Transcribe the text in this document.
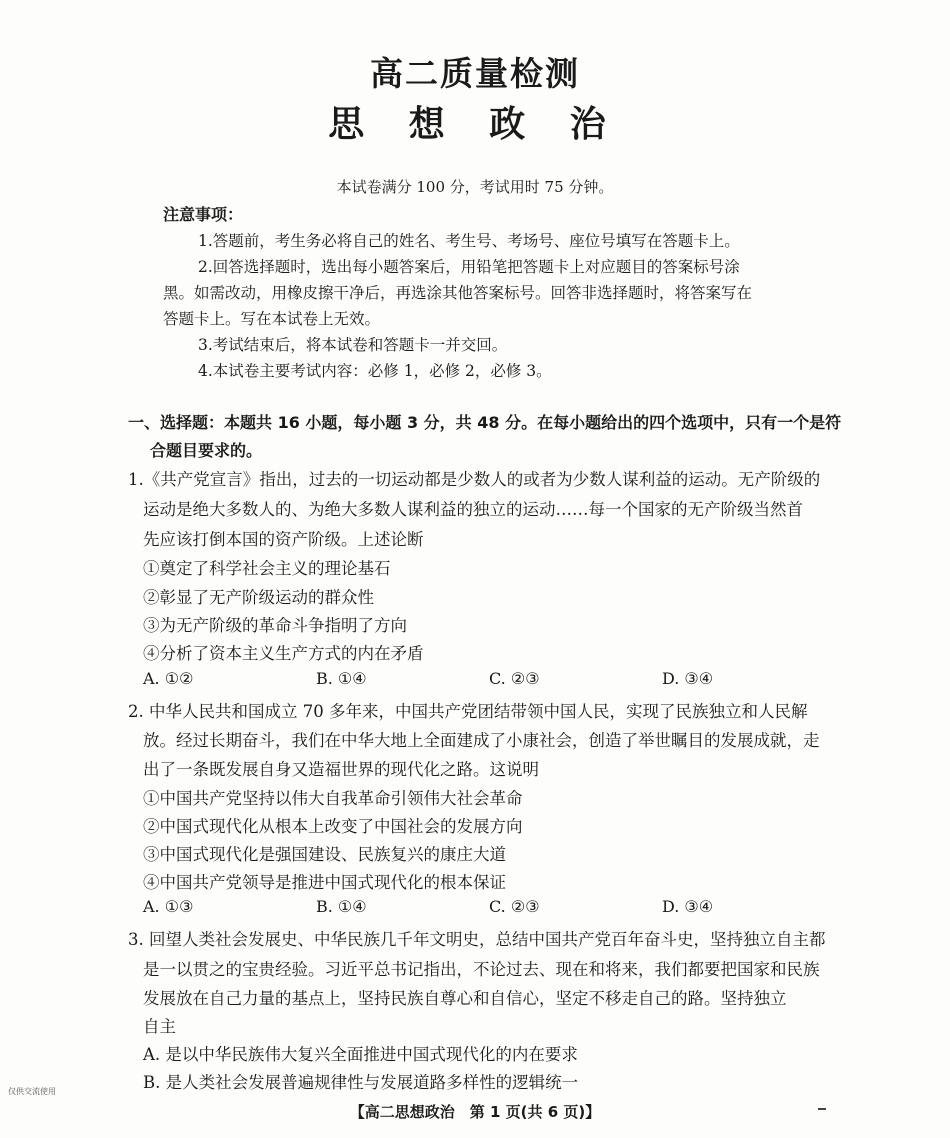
高二质量检测
思 想 政 治
本试卷满分 100 分，考试用时 75 分钟。
注意事项：
1.答题前，考生务必将自己的姓名、考生号、考场号、座位号填写在答题卡上。
2.回答选择题时，选出每小题答案后，用铅笔把答题卡上对应题目的答案标号涂
黑。如需改动，用橡皮擦干净后，再选涂其他答案标号。回答非选择题时，将答案写在
答题卡上。写在本试卷上无效。
3.考试结束后，将本试卷和答题卡一并交回。
4.本试卷主要考试内容：必修 1，必修 2，必修 3。
一、选择题：本题共 16 小题，每小题 3 分，共 48 分。在每小题给出的四个选项中，只有一个是符
合题目要求的。
1.《共产党宣言》指出，过去的一切运动都是少数人的或者为少数人谋利益的运动。无产阶级的
运动是绝大多数人的、为绝大多数人谋利益的独立的运动……每一个国家的无产阶级当然首
先应该打倒本国的资产阶级。上述论断
①奠定了科学社会主义的理论基石
②彰显了无产阶级运动的群众性
③为无产阶级的革命斗争指明了方向
④分析了资本主义生产方式的内在矛盾
A. ①②	B. ①④	C. ②③	D. ③④
2. 中华人民共和国成立 70 多年来，中国共产党团结带领中国人民，实现了民族独立和人民解
放。经过长期奋斗，我们在中华大地上全面建成了小康社会，创造了举世瞩目的发展成就，走
出了一条既发展自身又造福世界的现代化之路。这说明
①中国共产党坚持以伟大自我革命引领伟大社会革命
②中国式现代化从根本上改变了中国社会的发展方向
③中国式现代化是强国建设、民族复兴的康庄大道
④中国共产党领导是推进中国式现代化的根本保证
A. ①③	B. ①④	C. ②③	D. ③④
3. 回望人类社会发展史、中华民族几千年文明史，总结中国共产党百年奋斗史，坚持独立自主都
是一以贯之的宝贵经验。习近平总书记指出，不论过去、现在和将来，我们都要把国家和民族
发展放在自己力量的基点上，坚持民族自尊心和自信心，坚定不移走自己的路。坚持独立
自主
A. 是以中华民族伟大复兴全面推进中国式现代化的内在要求
B. 是人类社会发展普遍规律性与发展道路多样性的逻辑统一
仅供交流使用
【高二思想政治　第 1 页(共 6 页)】
